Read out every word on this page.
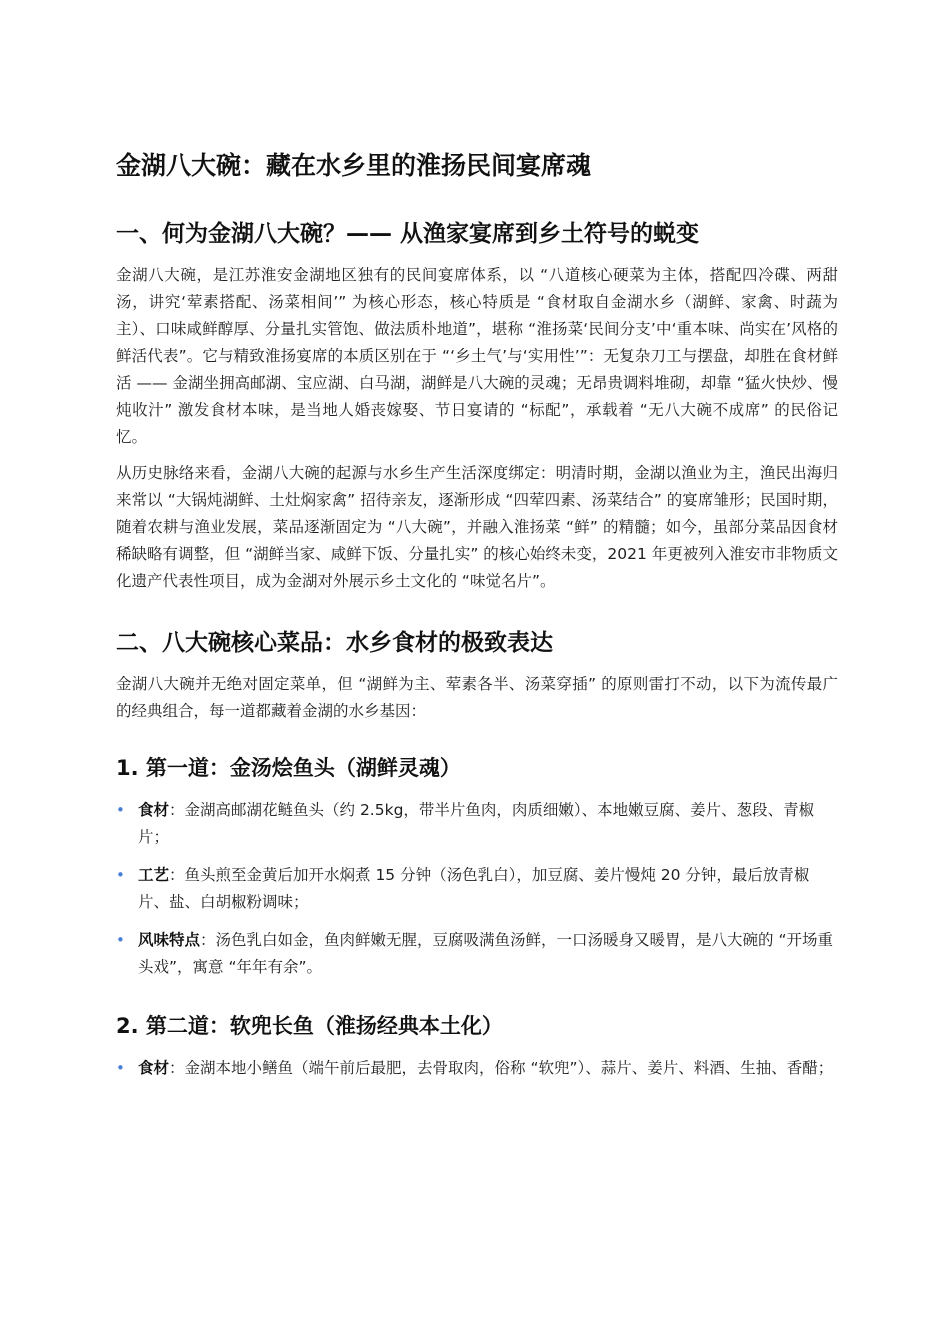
金湖八大碗：藏在水乡里的淮扬民间宴席魂
一、何为金湖八大碗？—— 从渔家宴席到乡土符号的蜕变

金湖八大碗，是江苏淮安金湖地区独有的民间宴席体系，以 “八道核心硬菜为主体，搭配四冷碟、两甜汤，讲究‘荤素搭配、汤菜相间’” 为核心形态，核心特质是 “食材取自金湖水乡（湖鲜、家禽、时蔬为主）、口味咸鲜醇厚、分量扎实管饱、做法质朴地道”，堪称 “淮扬菜‘民间分支’中‘重本味、尚实在’风格的鲜活代表”。它与精致淮扬宴席的本质区别在于 “‘乡土气’与‘实用性’”：无复杂刀工与摆盘，却胜在食材鲜活 —— 金湖坐拥高邮湖、宝应湖、白马湖，湖鲜是八大碗的灵魂；无昂贵调料堆砌，却靠 “猛火快炒、慢炖收汁” 激发食材本味，是当地人婚丧嫁娶、节日宴请的 “标配”，承载着 “无八大碗不成席” 的民俗记忆。

从历史脉络来看，金湖八大碗的起源与水乡生产生活深度绑定：明清时期，金湖以渔业为主，渔民出海归来常以 “大锅炖湖鲜、土灶焖家禽” 招待亲友，逐渐形成 “四荤四素、汤菜结合” 的宴席雏形；民国时期，随着农耕与渔业发展，菜品逐渐固定为 “八大碗”，并融入淮扬菜 “鲜” 的精髓；如今，虽部分菜品因食材稀缺略有调整，但 “湖鲜当家、咸鲜下饭、分量扎实” 的核心始终未变，2021 年更被列入淮安市非物质文化遗产代表性项目，成为金湖对外展示乡土文化的 “味觉名片”。

二、八大碗核心菜品：水乡食材的极致表达

金湖八大碗并无绝对固定菜单，但 “湖鲜为主、荤素各半、汤菜穿插” 的原则雷打不动，以下为流传最广的经典组合，每一道都藏着金湖的水乡基因：

1. 第一道：金汤烩鱼头（湖鲜灵魂）
• 食材：金湖高邮湖花鲢鱼头（约 2.5kg，带半片鱼肉，肉质细嫩）、本地嫩豆腐、姜片、葱段、青椒片；
• 工艺：鱼头煎至金黄后加开水焖煮 15 分钟（汤色乳白），加豆腐、姜片慢炖 20 分钟，最后放青椒片、盐、白胡椒粉调味；
• 风味特点：汤色乳白如金，鱼肉鲜嫩无腥，豆腐吸满鱼汤鲜，一口汤暖身又暖胃，是八大碗的 “开场重头戏”，寓意 “年年有余”。
2. 第二道：软兜长鱼（淮扬经典本土化）
• 食材：金湖本地小鳝鱼（端午前后最肥，去骨取肉，俗称 “软兜”）、蒜片、姜片、料酒、生抽、香醋；
